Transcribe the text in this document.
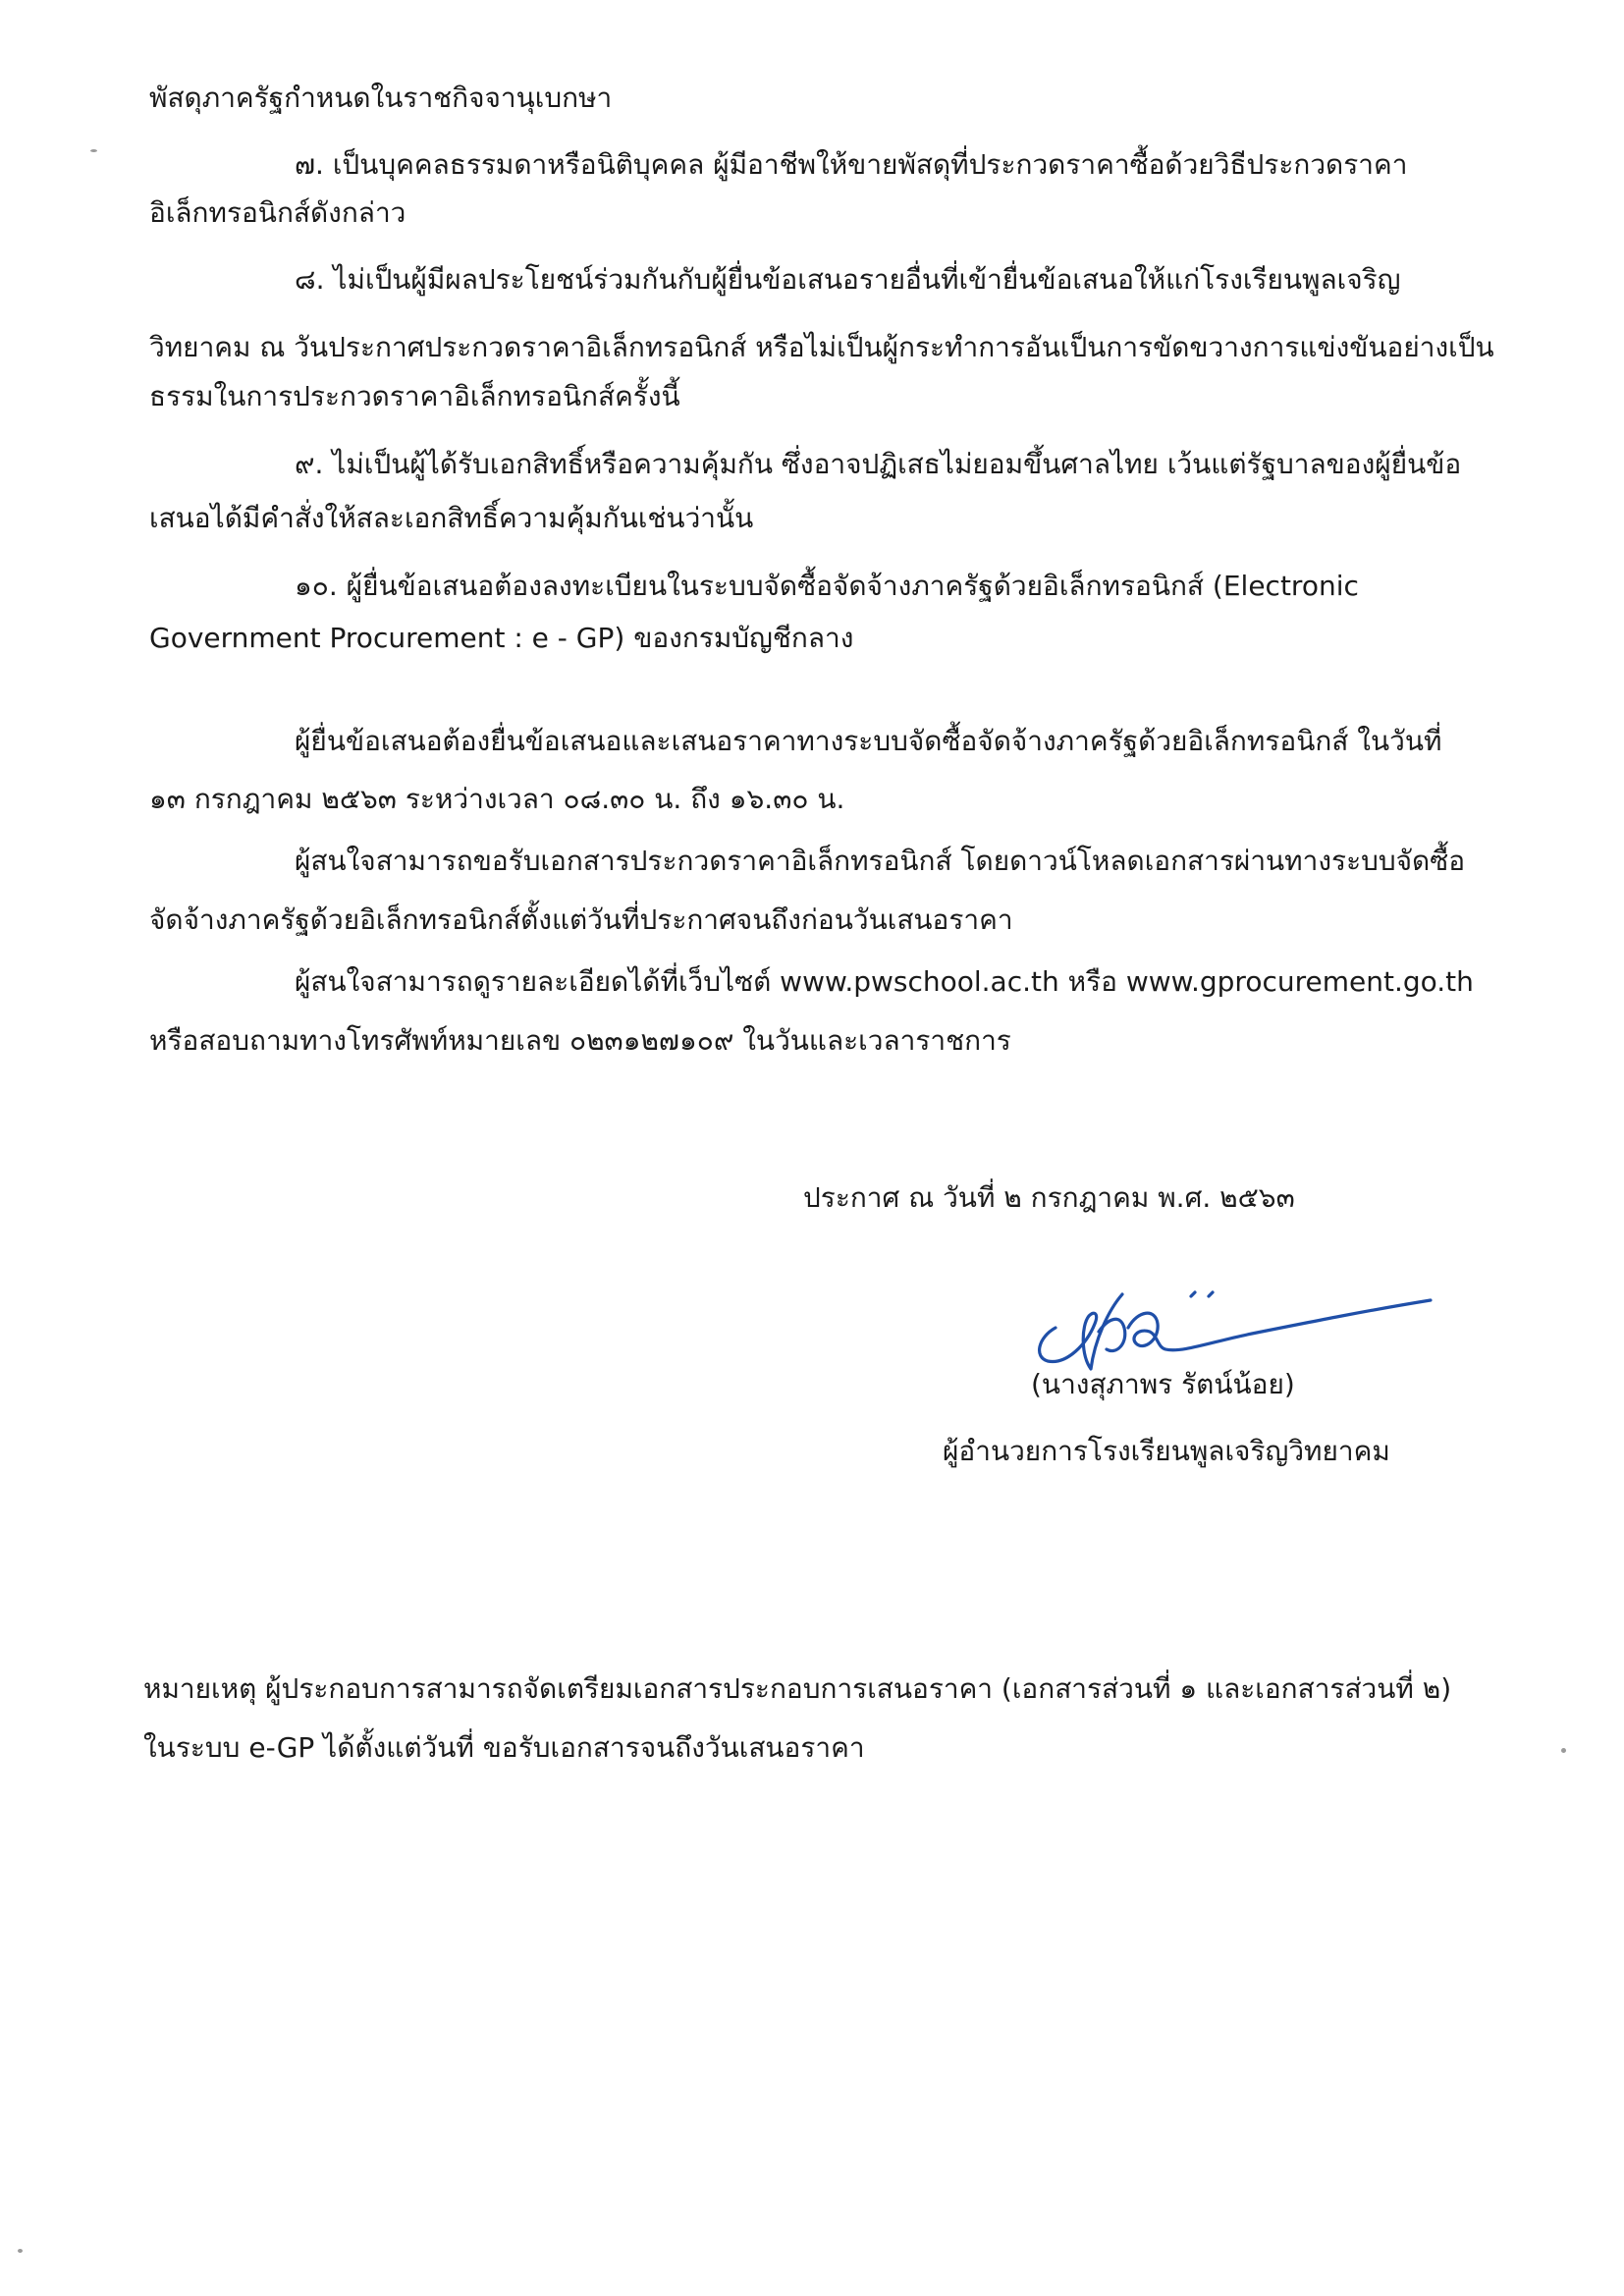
พัสดุภาครัฐกำหนดในราชกิจจานุเบกษา
๗. เป็นบุคคลธรรมดาหรือนิติบุคคล ผู้มีอาชีพให้ขายพัสดุที่ประกวดราคาซื้อด้วยวิธีประกวดราคา
อิเล็กทรอนิกส์ดังกล่าว
๘. ไม่เป็นผู้มีผลประโยชน์ร่วมกันกับผู้ยื่นข้อเสนอรายอื่นที่เข้ายื่นข้อเสนอให้แก่โรงเรียนพูลเจริญ
วิทยาคม ณ วันประกาศประกวดราคาอิเล็กทรอนิกส์ หรือไม่เป็นผู้กระทำการอันเป็นการขัดขวางการแข่งขันอย่างเป็น
ธรรมในการประกวดราคาอิเล็กทรอนิกส์ครั้งนี้
๙. ไม่เป็นผู้ได้รับเอกสิทธิ์หรือความคุ้มกัน ซึ่งอาจปฏิเสธไม่ยอมขึ้นศาลไทย เว้นแต่รัฐบาลของผู้ยื่นข้อ
เสนอได้มีคำสั่งให้สละเอกสิทธิ์ความคุ้มกันเช่นว่านั้น
๑๐. ผู้ยื่นข้อเสนอต้องลงทะเบียนในระบบจัดซื้อจัดจ้างภาครัฐด้วยอิเล็กทรอนิกส์ (Electronic
Government Procurement : e - GP) ของกรมบัญชีกลาง
ผู้ยื่นข้อเสนอต้องยื่นข้อเสนอและเสนอราคาทางระบบจัดซื้อจัดจ้างภาครัฐด้วยอิเล็กทรอนิกส์ ในวันที่
๑๓ กรกฎาคม ๒๕๖๓ ระหว่างเวลา ๐๘.๓๐ น. ถึง ๑๖.๓๐ น.
ผู้สนใจสามารถขอรับเอกสารประกวดราคาอิเล็กทรอนิกส์ โดยดาวน์โหลดเอกสารผ่านทางระบบจัดซื้อ
จัดจ้างภาครัฐด้วยอิเล็กทรอนิกส์ตั้งแต่วันที่ประกาศจนถึงก่อนวันเสนอราคา
ผู้สนใจสามารถดูรายละเอียดได้ที่เว็บไซต์ www.pwschool.ac.th หรือ www.gprocurement.go.th
หรือสอบถามทางโทรศัพท์หมายเลข ๐๒๓๑๒๗๑๐๙ ในวันและเวลาราชการ
ประกาศ ณ วันที่ ๒ กรกฎาคม พ.ศ. ๒๕๖๓
(นางสุภาพร รัตน์น้อย)
ผู้อำนวยการโรงเรียนพูลเจริญวิทยาคม
หมายเหตุ ผู้ประกอบการสามารถจัดเตรียมเอกสารประกอบการเสนอราคา (เอกสารส่วนที่ ๑ และเอกสารส่วนที่ ๒)
ในระบบ e-GP ได้ตั้งแต่วันที่ ขอรับเอกสารจนถึงวันเสนอราคา
